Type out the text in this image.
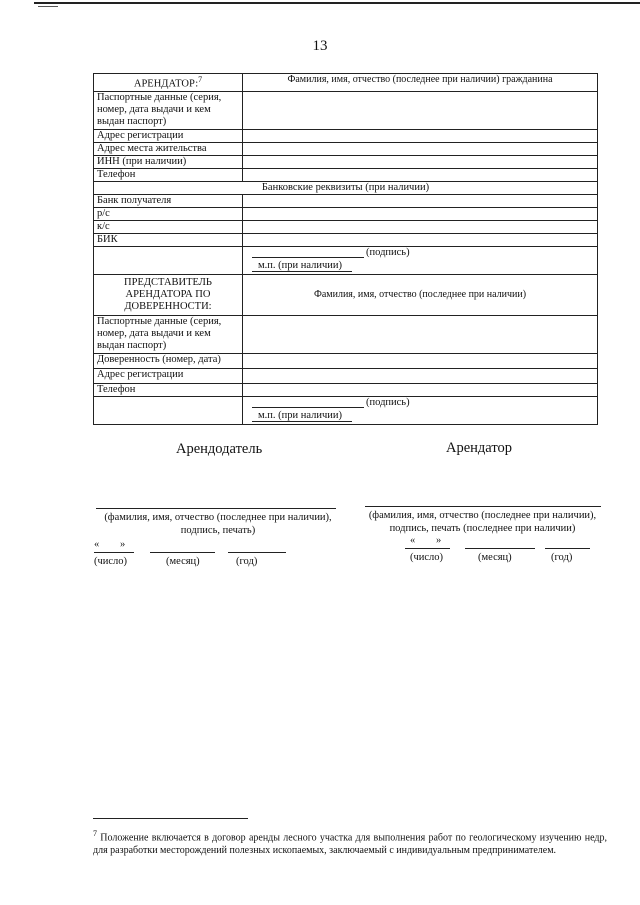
13
АРЕНДАТОР:$^7$	Фамилия, имя, отчество (последнее при наличии) гражданина
Паспортные данные (серия, номер, дата выдачи и кем выдан паспорт)	
Адрес регистрации	
Адрес места жительства	
ИНН (при наличии)	
Телефон	
Банковские реквизиты (при наличии)	
Банк получателя	
р/с	
к/с	
БИК	

	(подпись)
м.п. (при наличии)

ПРЕДСТАВИТЕЛЬ АРЕНДАТОРА ПО ДОВЕРЕННОСТИ:	Фамилия, имя, отчество (последнее при наличии)
Паспортные данные (серия, номер, дата выдачи и кем выдан паспорт)	
Доверенность (номер, дата)	
Адрес регистрации	
Телефон	

	(подпись)
м.п. (при наличии)
Арендодатель	Арендатор
(фамилия, имя, отчество (последнее при наличии), подпись, печать)
(фамилия, имя, отчество (последнее при наличии), подпись, печать (последнее при наличии)
« »
(число)	(месяц)	(год)
« »
(число)	(месяц)	(год)
$^7$ Положение включается в договор аренды лесного участка для выполнения работ по геологическому изучению недр, для разработки месторождений полезных ископаемых, заключаемый с индивидуальным предпринимателем.
